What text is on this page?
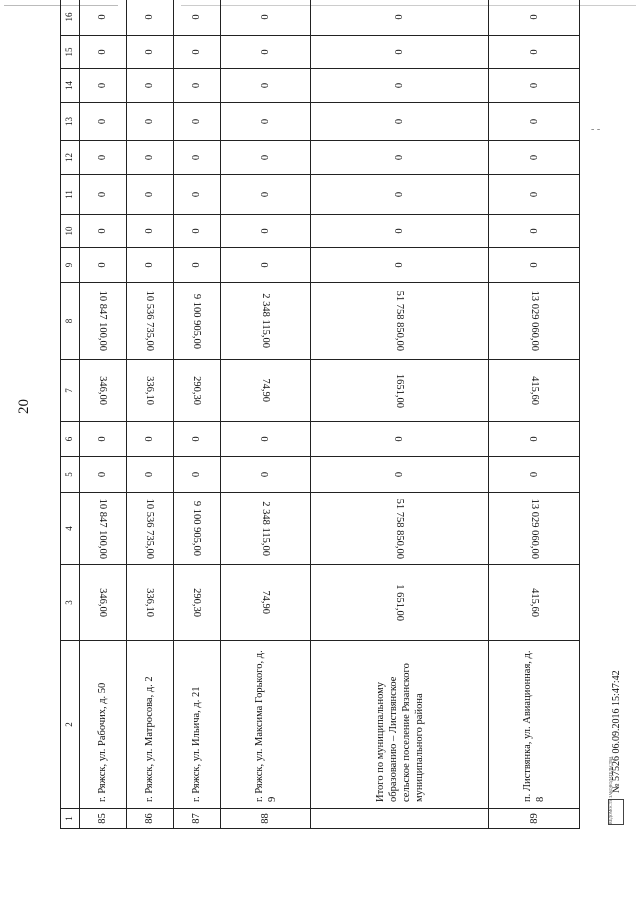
20
- -
1	2	3	4	5	6	7	8	9	10	11	12	13	14	15	16
85	г. Ряжск, ул. Рабочих, д. 50	346,00	10 847 100,00	0	0	346,00	10 847 100,00	0	0	0	0	0	0	0	0
86	г. Ряжск, ул. Матросова, д. 2	336,10	10 536 735,00	0	0	336,10	10 536 735,00	0	0	0	0	0	0	0	0
87	г. Ряжск, ул. Ильича, д. 21	290,30	9 100 905,00	0	0	290,30	9 100 905,00	0	0	0	0	0	0	0	0
88	г. Ряжск, ул. Максима Горького, д. 9	74,90	2 348 115,00	0	0	74,90	2 348 115,00	0	0	0	0	0	0	0	0
	Итого по муниципальному образованию – Листвянское сельское поселение Рязанского муниципального района	1 651,00	51 758 850,00	0	0	1651,00	51 758 850,00	0	0	0	0	0	0	0	0
89	п. Листвянка, ул. Авиационная, д. 8	415,60	13 029 060,00	0	0	415,60	13 029 060,00	0	0	0	0	0	0	0	0
ВЕДОМОСТИ ЗАКОНОДАТЕЛЬСТВА
№ 57526 06.09.2016 15:47:42
